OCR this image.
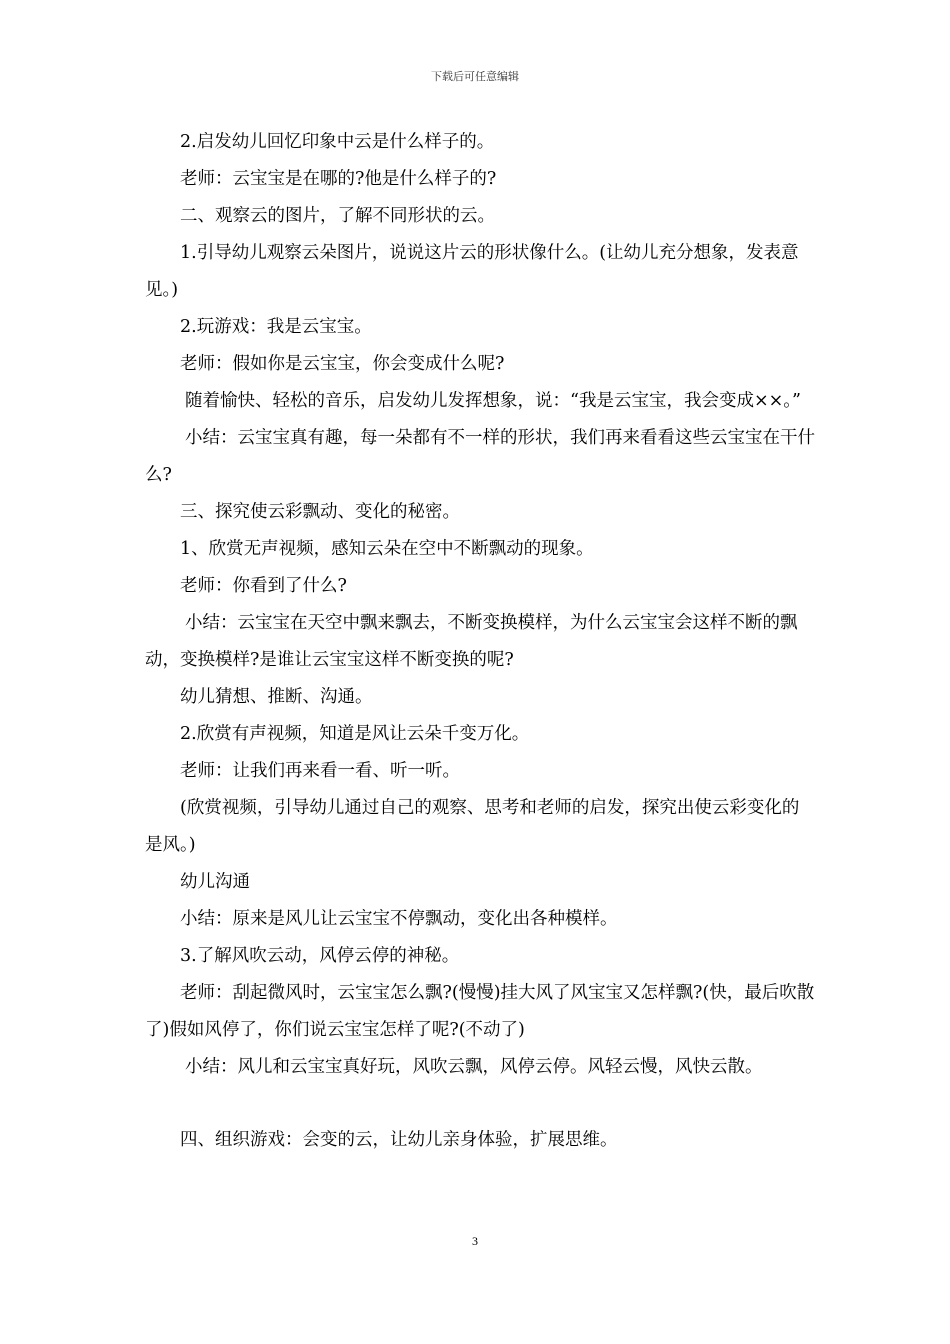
下载后可任意编辑

2.启发幼儿回忆印象中云是什么样子的。

老师：云宝宝是在哪的?他是什么样子的?

二、观察云的图片，了解不同形状的云。

1.引导幼儿观察云朵图片，说说这片云的形状像什么。(让幼儿充分想象，发表意见。)

2.玩游戏：我是云宝宝。

老师：假如你是云宝宝，你会变成什么呢?

随着愉快、轻松的音乐，启发幼儿发挥想象，说：“我是云宝宝，我会变成××。”

小结：云宝宝真有趣，每一朵都有不一样的形状，我们再来看看这些云宝宝在干什么?

三、探究使云彩飘动、变化的秘密。

1、欣赏无声视频，感知云朵在空中不断飘动的现象。

老师：你看到了什么?

小结：云宝宝在天空中飘来飘去，不断变换模样，为什么云宝宝会这样不断的飘动，变换模样?是谁让云宝宝这样不断变换的呢?

幼儿猜想、推断、沟通。

2.欣赏有声视频，知道是风让云朵千变万化。

老师：让我们再来看一看、听一听。

(欣赏视频，引导幼儿通过自己的观察、思考和老师的启发，探究出使云彩变化的是风。)

幼儿沟通

小结：原来是风儿让云宝宝不停飘动，变化出各种模样。

3.了解风吹云动，风停云停的神秘。

老师：刮起微风时，云宝宝怎么飘?(慢慢)挂大风了风宝宝又怎样飘?(快，最后吹散了)假如风停了，你们说云宝宝怎样了呢?(不动了)

小结：风儿和云宝宝真好玩，风吹云飘，风停云停。风轻云慢，风快云散。

四、组织游戏：会变的云，让幼儿亲身体验，扩展思维。

3
